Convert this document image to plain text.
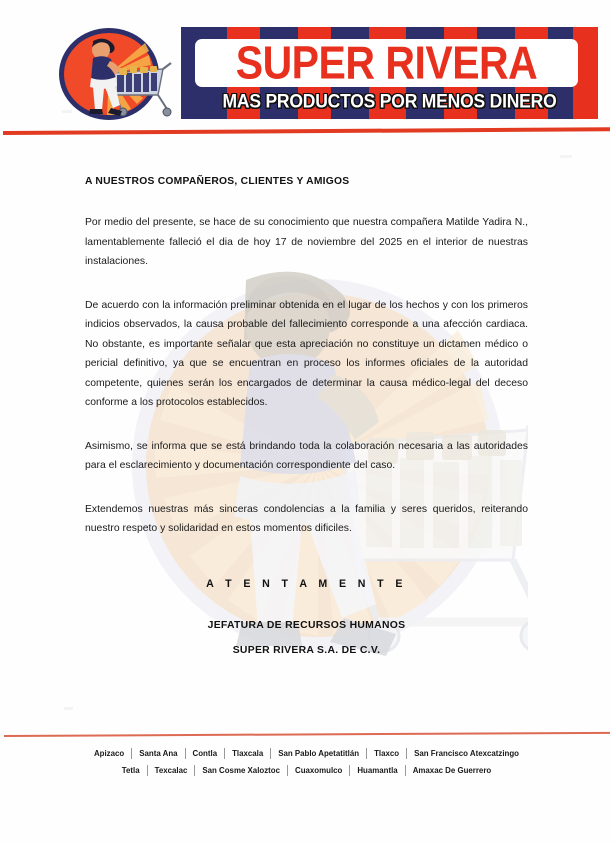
SUPER RIVERA
MAS PRODUCTOS POR MENOS DINERO
A NUESTROS COMPAÑEROS, CLIENTES Y AMIGOS

Por medio del presente, se hace de su conocimiento que nuestra compañera Matilde Yadira N., lamentablemente falleció el dia de hoy 17 de noviembre del 2025 en el interior de nuestras instalaciones.

De acuerdo con la información preliminar obtenida en el lugar de los hechos y con los primeros indicios observados, la causa probable del fallecimiento corresponde a una afección cardiaca. No obstante, es importante señalar que esta apreciación no constituye un dictamen médico o pericial definitivo, ya que se encuentran en proceso los informes oficiales de la autoridad competente, quienes serán los encargados de determinar la causa médico-legal del deceso conforme a los protocolos establecidos.

Asimismo, se informa que se está brindando toda la colaboración necesaria a las autoridades para el esclarecimiento y documentación correspondiente del caso.

Extendemos nuestras más sinceras condolencias a la familia y seres queridos, reiterando nuestro respeto y solidaridad en estos momentos dificiles.

A T E N T A M E N T E
JEFATURA DE RECURSOS HUMANOS
SUPER RIVERA S.A. DE C.V.
Apizaco	Santa Ana	Contla	Tlaxcala	San Pablo Apetatitlán	Tlaxco	San Francisco Atexcatzingo
Tetla	Texcalac	San Cosme Xaloztoc	Cuaxomulco	Huamantla	Amaxac De Guerrero
